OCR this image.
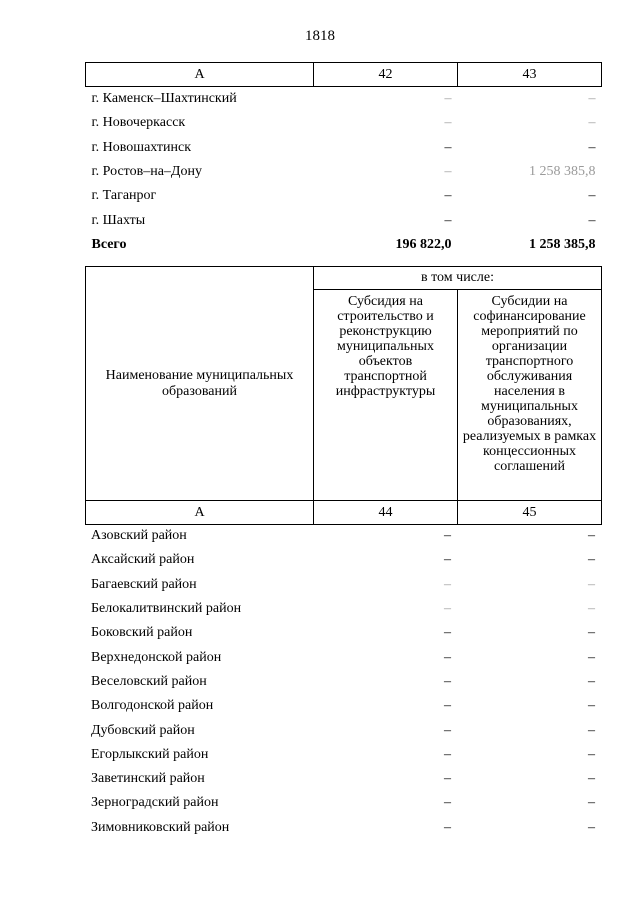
1818
А	42	43
г. Каменск–Шахтинский	–	–
г. Новочеркасск	–	–
г. Новошахтинск	–	–
г. Ростов–на–Дону	–	1 258 385,8
г. Таганрог	–	–
г. Шахты	–	–
Всего	196 822,0	1 258 385,8
Наименование муниципальных образований	в том числе:	
	Субсидия на строительство и реконструкцию муниципальных объектов транспортной инфраструктуры	Субсидии на софинансирование мероприятий по организации транспортного обслуживания населения в муниципальных образованиях, реализуемых в рамках концессионных соглашений
А	44	45
Азовский район	–	–
Аксайский район	–	–
Багаевский район	–	–
Белокалитвинский район	–	–
Боковский район	–	–
Верхнедонской район	–	–
Веселовский район	–	–
Волгодонской район	–	–
Дубовский район	–	–
Егорлыкский район	–	–
Заветинский район	–	–
Зерноградский район	–	–
Зимовниковский район	–	–
